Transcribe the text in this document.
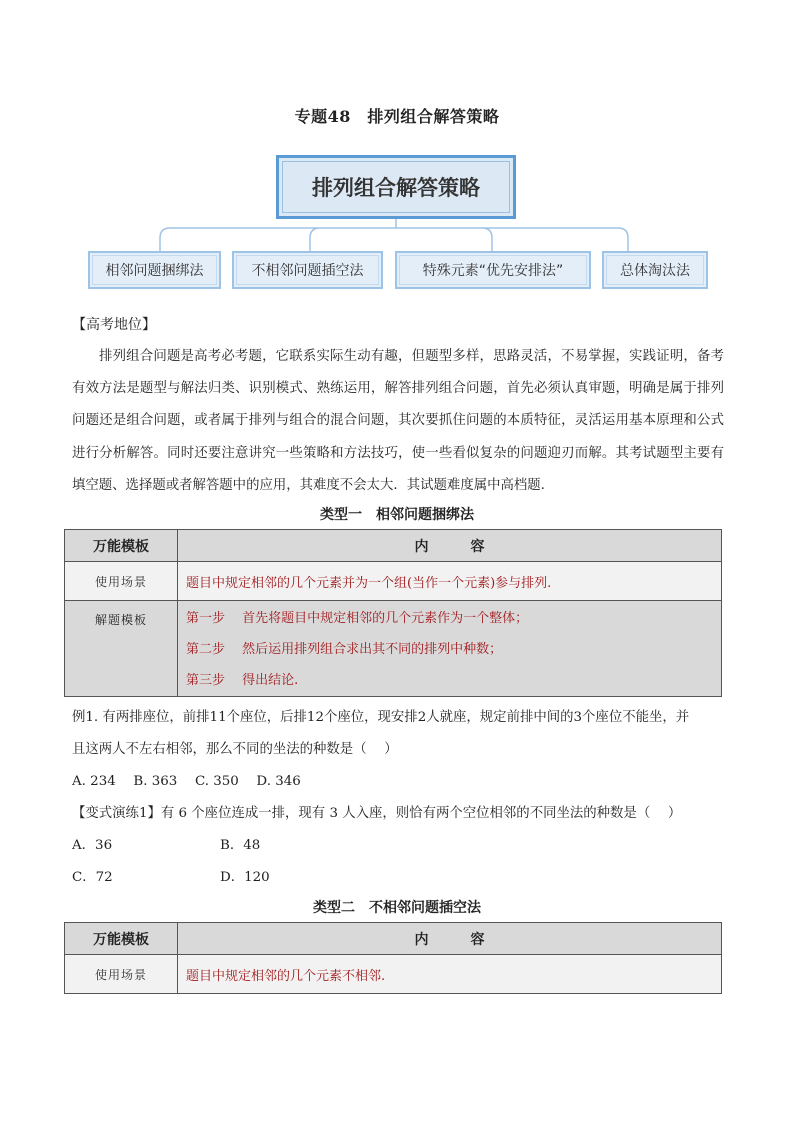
专题48　排列组合解答策略
排列组合解答策略
相邻问题捆绑法	不相邻问题插空法	特殊元素“优先安排法”	总体淘汰法
【高考地位】

排列组合问题是高考必考题，它联系实际生动有趣，但题型多样，思路灵活，不易掌握，实践证明，备考有效方法是题型与解法归类、识别模式、熟练运用，解答排列组合问题，首先必须认真审题，明确是属于排列问题还是组合问题，或者属于排列与组合的混合问题，其次要抓住问题的本质特征，灵活运用基本原理和公式进行分析解答。同时还要注意讲究一些策略和方法技巧，使一些看似复杂的问题迎刃而解。其考试题型主要有填空题、选择题或者解答题中的应用，其难度不会太大．其试题难度属中高档题.

类型一　相邻问题捆绑法
万能模板	内　　　容
使用场景	题目中规定相邻的几个元素并为一个组(当作一个元素)参与排列.

解题模板	第一步　 首先将题目中规定相邻的几个元素作为一个整体；
第二步　 然后运用排列组合求出其不同的排列中种数；
第三步　 得出结论.

例1. 有两排座位，前排11个座位，后排12个座位，现安排2人就座，规定前排中间的3个座位不能坐，并

且这两人不左右相邻，那么不同的坐法的种数是（　 ）

A. 234　 B. 363　 C. 350　 D. 346

【变式演练1】有 6 个座位连成一排，现有 3 人入座，则恰有两个空位相邻的不同坐法的种数是（　 ）

A．36	B．48

C．72	D．120

类型二　不相邻问题插空法
万能模板	内　　　容
使用场景	题目中规定相邻的几个元素不相邻.
